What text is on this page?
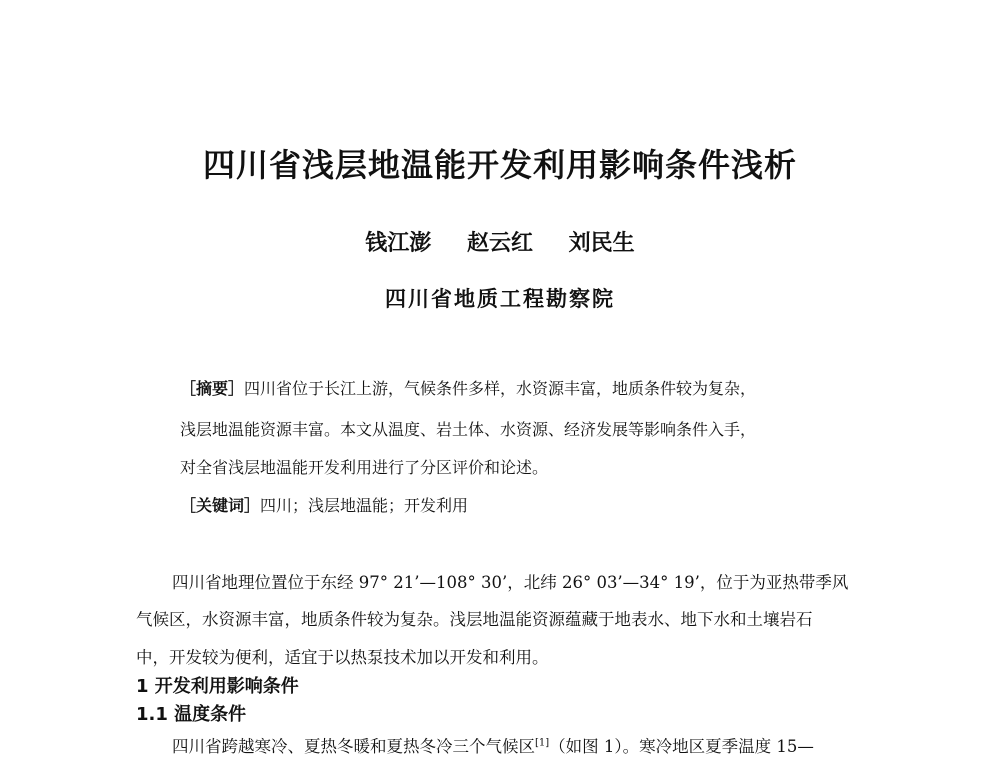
四川省浅层地温能开发利用影响条件浅析
钱江澎 赵云红 刘民生
四川省地质工程勘察院
［摘要］四川省位于长江上游，气候条件多样，水资源丰富，地质条件较为复杂，
浅层地温能资源丰富。本文从温度、岩土体、水资源、经济发展等影响条件入手，
对全省浅层地温能开发利用进行了分区评价和论述。
［关键词］四川；浅层地温能；开发利用
四川省地理位置位于东经 97° 21’—108° 30’，北纬 26° 03’—34° 19’，位于为亚热带季风
气候区，水资源丰富，地质条件较为复杂。浅层地温能资源蕴藏于地表水、地下水和土壤岩石
中，开发较为便利，适宜于以热泵技术加以开发和利用。
1 开发利用影响条件
1.1 温度条件
四川省跨越寒冷、夏热冬暖和夏热冬冷三个气候区[1]（如图 1）。寒冷地区夏季温度 15—
